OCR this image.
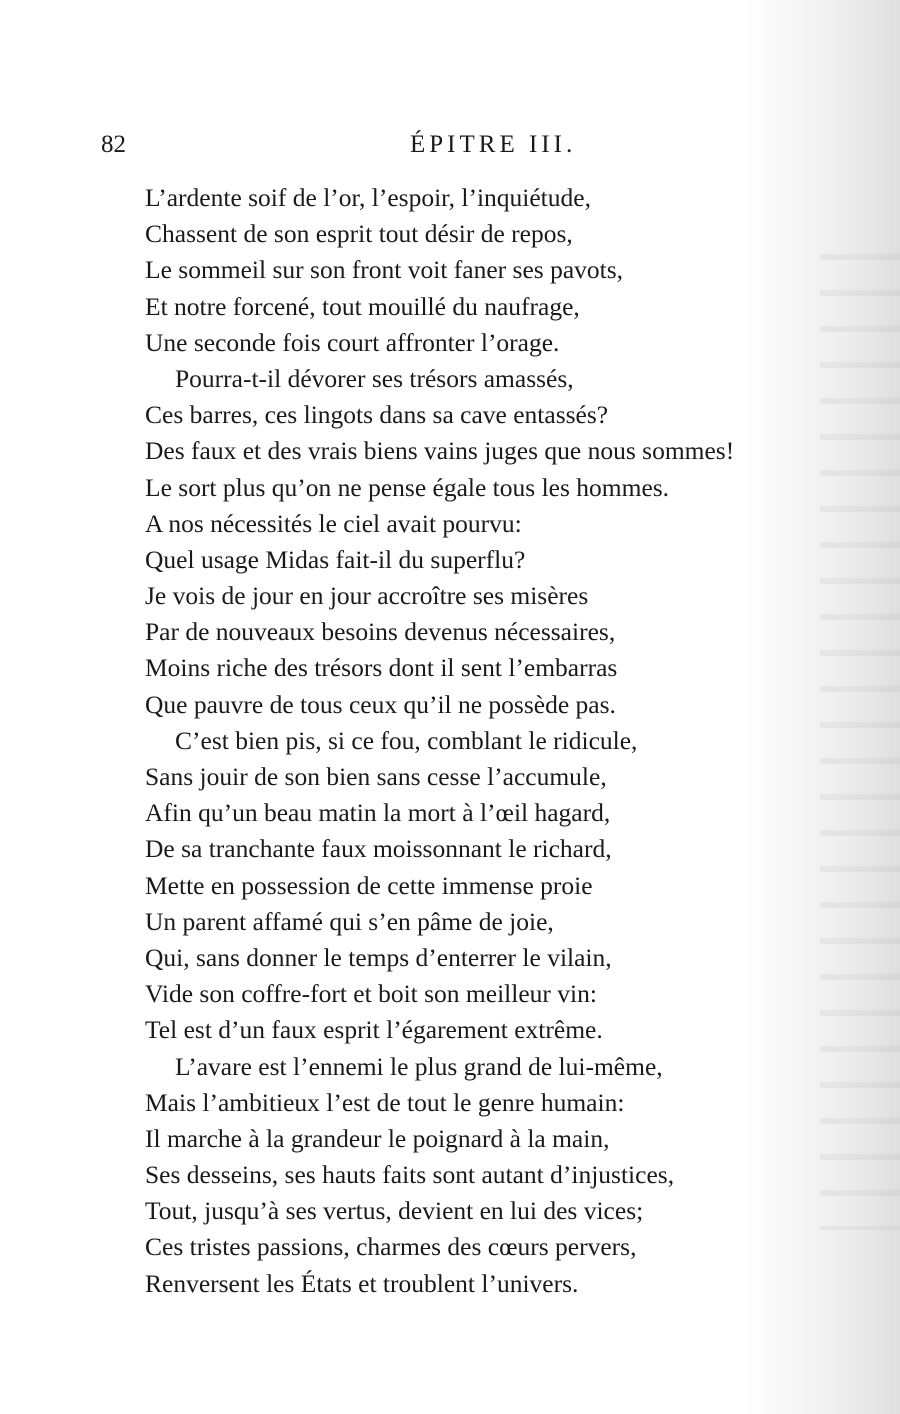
82	ÉPITRE III.
L’ardente soif de l’or, l’espoir, l’inquiétude,
Chassent de son esprit tout désir de repos,
Le sommeil sur son front voit faner ses pavots,
Et notre forcené, tout mouillé du naufrage,
Une seconde fois court affronter l’orage.
Pourra-t-il dévorer ses trésors amassés,
Ces barres, ces lingots dans sa cave entassés?
Des faux et des vrais biens vains juges que nous sommes!
Le sort plus qu’on ne pense égale tous les hommes.
A nos nécessités le ciel avait pourvu:
Quel usage Midas fait-il du superflu?
Je vois de jour en jour accroître ses misères
Par de nouveaux besoins devenus nécessaires,
Moins riche des trésors dont il sent l’embarras
Que pauvre de tous ceux qu’il ne possède pas.
C’est bien pis, si ce fou, comblant le ridicule,
Sans jouir de son bien sans cesse l’accumule,
Afin qu’un beau matin la mort à l’œil hagard,
De sa tranchante faux moissonnant le richard,
Mette en possession de cette immense proie
Un parent affamé qui s’en pâme de joie,
Qui, sans donner le temps d’enterrer le vilain,
Vide son coffre-fort et boit son meilleur vin:
Tel est d’un faux esprit l’égarement extrême.
L’avare est l’ennemi le plus grand de lui-même,
Mais l’ambitieux l’est de tout le genre humain:
Il marche à la grandeur le poignard à la main,
Ses desseins, ses hauts faits sont autant d’injustices,
Tout, jusqu’à ses vertus, devient en lui des vices;
Ces tristes passions, charmes des cœurs pervers,
Renversent les États et troublent l’univers.
